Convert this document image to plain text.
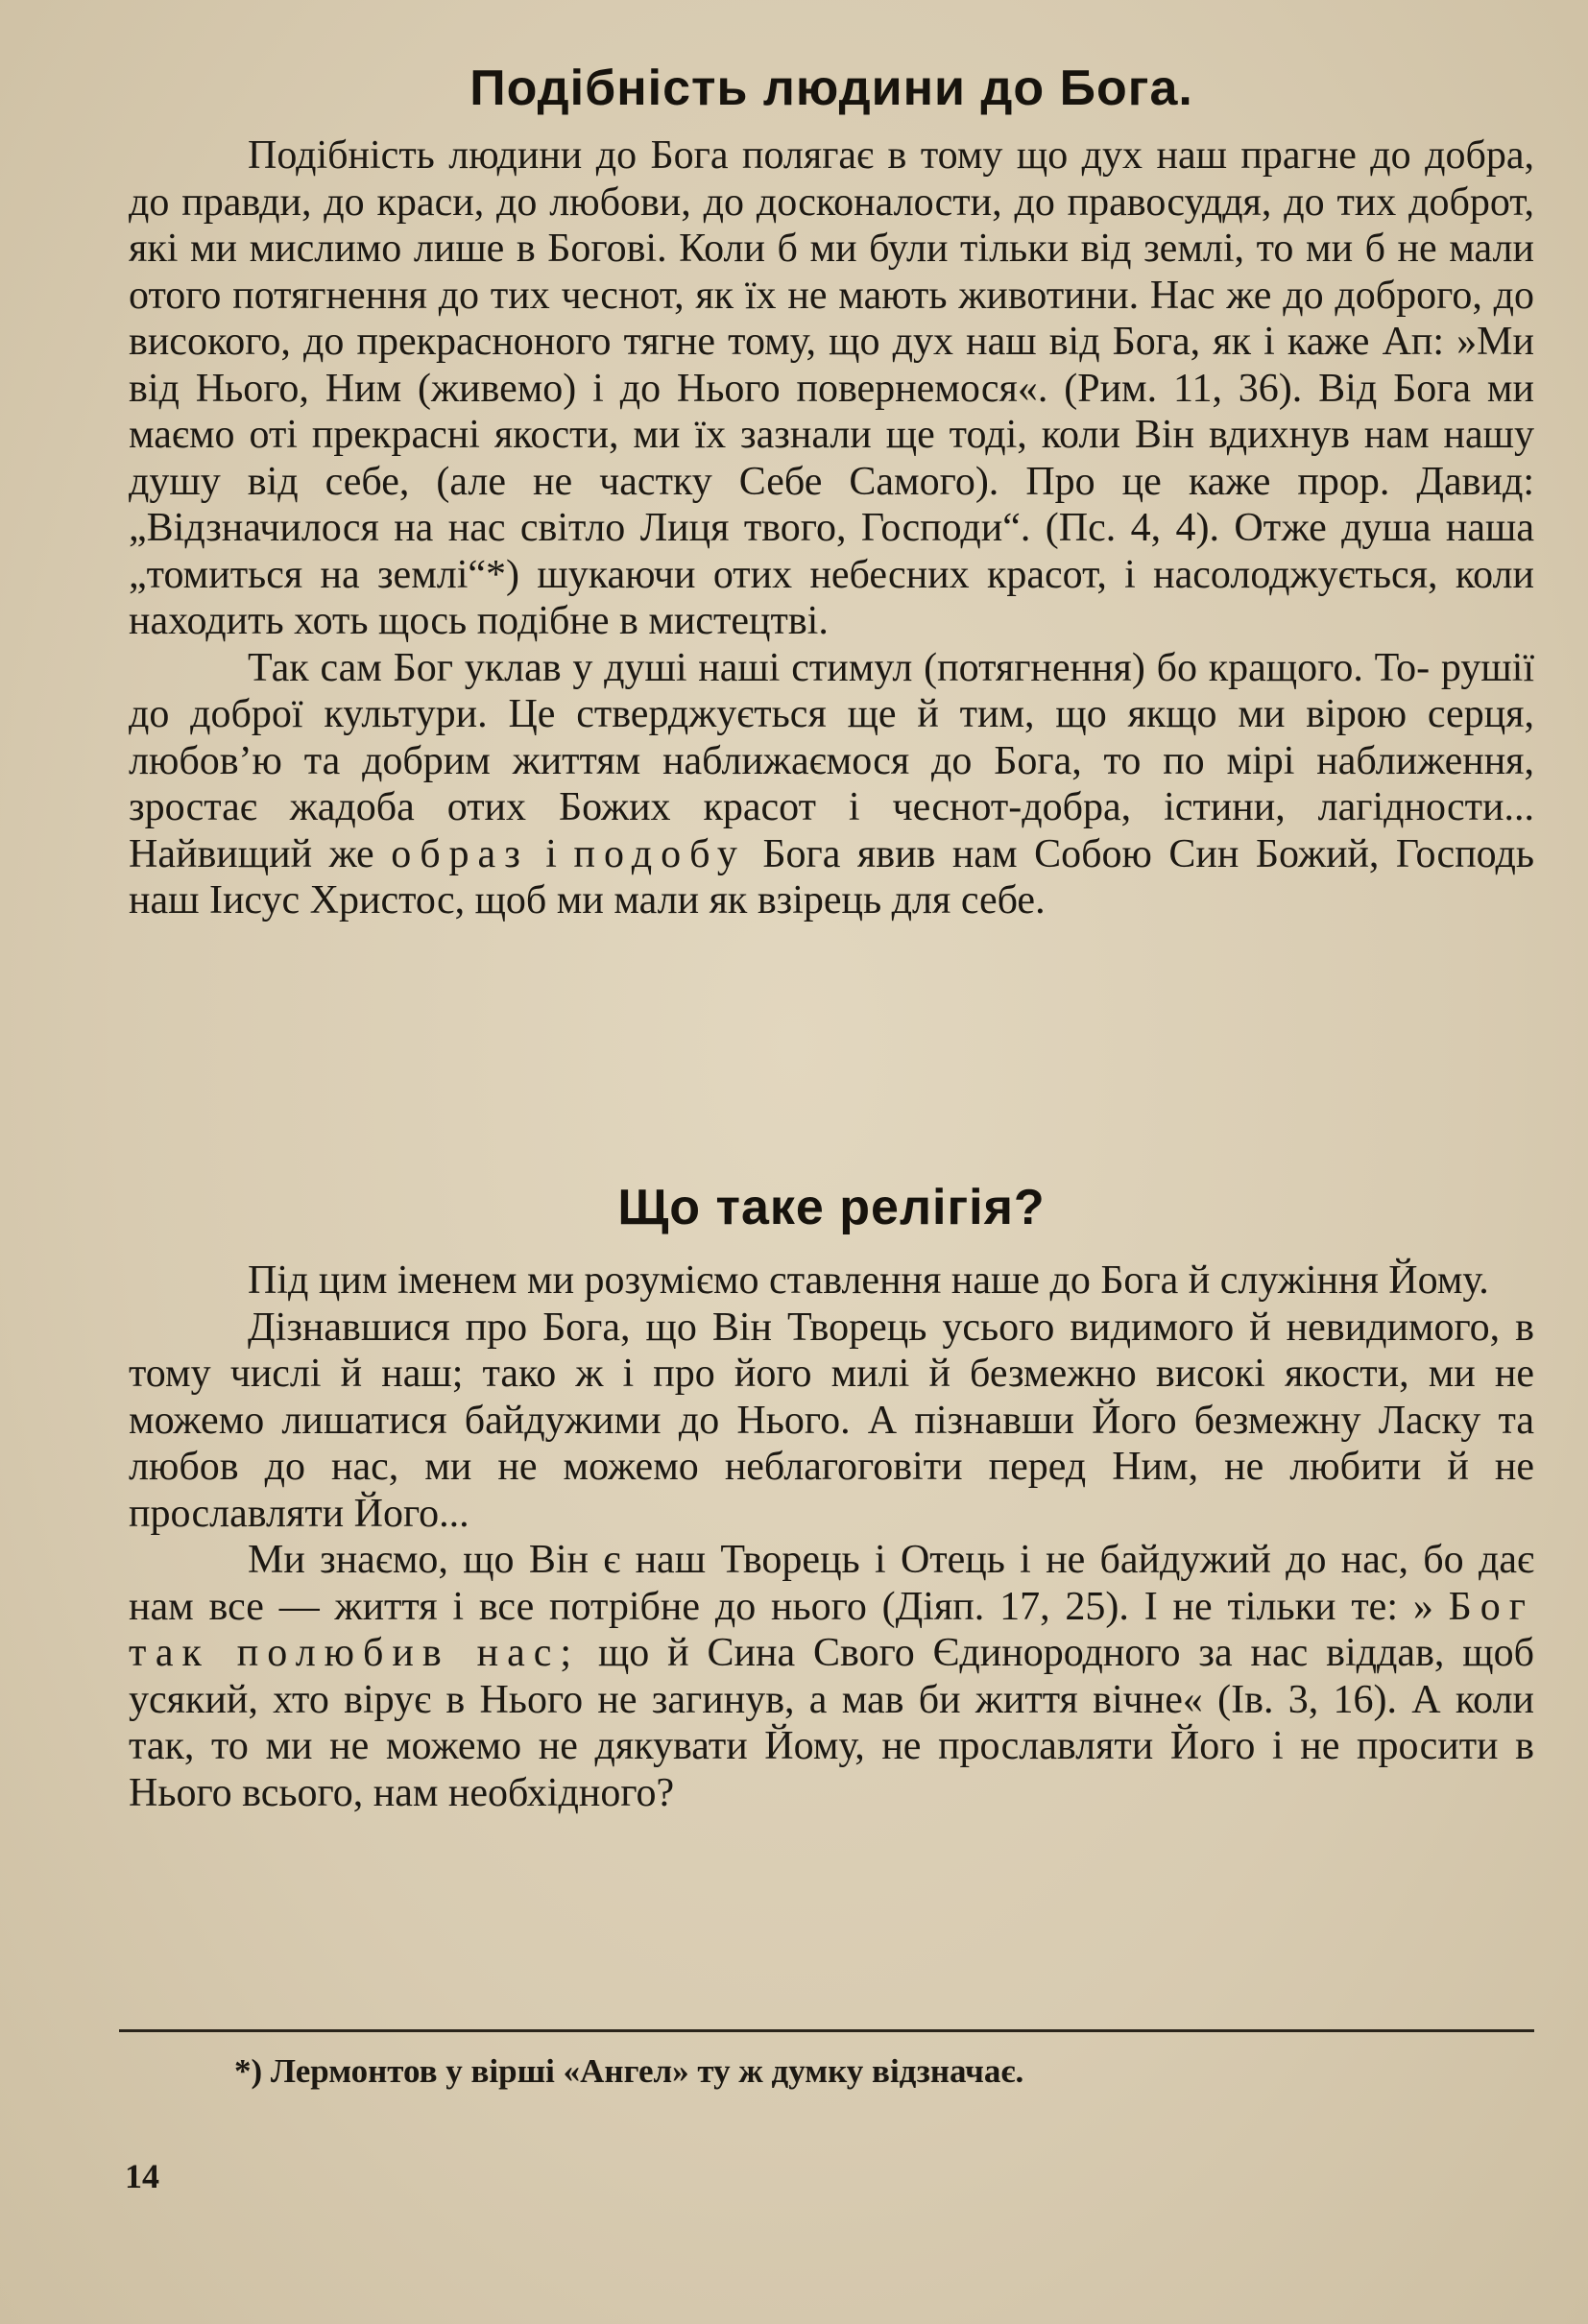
Подібність людини до Бога.

Подібність людини до Бога полягає в тому що дух наш прагне до добра, до правди, до краси, до любови, до досконалости, до правосуддя, до тих доброт, які ми мислимо лише в Богові. Коли б ми були тільки від землі, то ми б не мали отого потягнення до тих чеснот, як їх не мають животини. Нас же до доброго, до високого, до прекрасноного тягне тому, що дух наш від Бога, як і каже Ап: »Ми від Нього, Ним (живемо) і до Нього повернемося«. (Рим. 11, 36). Від Бога ми маємо оті прекрасні якости, ми їх зазнали ще тоді, коли Він вдихнув нам нашу душу від себе, (але не частку Себе Самого). Про це каже прор. Давид: „Відзначилося на нас світло Лиця твого, Господи“. (Пс. 4, 4). Отже душа наша „томиться на землі“*) шукаючи отих небесних красот, і насолоджується, коли находить хоть щось подібне в мистецтві.

Так сам Бог уклав у душі наші стимул (потягнення) бо кращого. То- рушії до доброї культури. Це стверджується ще й тим, що якщо ми вірою серця, любов’ю та добрим життям наближаємося до Бога, то по мірі наближення, зростає жадоба отих Божих красот і чеснот-добра, істини, лагідности... Найвищий же образ і подобу Бога явив нам Собою Син Божий, Господь наш Іисус Христос, щоб ми мали як взірець для себе.

Що таке релігія?

Під цим іменем ми розуміємо ставлення наше до Бога й служіння Йому.

Дізнавшися про Бога, що Він Творець усього видимого й невидимого, в тому числі й наш; тако ж і про його милі й безмежно високі якости, ми не можемо лишатися байдужими до Нього. А пізнавши Його безмежну Ласку та любов до нас, ми не можемо неблагоговіти перед Ним, не любити й не прославляти Його...

Ми знаємо, що Він є наш Творець і Отець і не байдужий до нас, бо дає нам все — життя і все потрібне до нього (Діяп. 17, 25). І не тільки те: » Бог так полюбив нас; що й Сина Свого Єдинородного за нас віддав, щоб усякий, хто вірує в Нього не загинув, а мав би життя вічне« (Ів. 3, 16). А коли так, то ми не можемо не дякувати Йому, не прославляти Його і не просити в Нього всього, нам необхідного?

*) Лермонтов у вірші «Ангел» ту ж думку відзначає.

14
